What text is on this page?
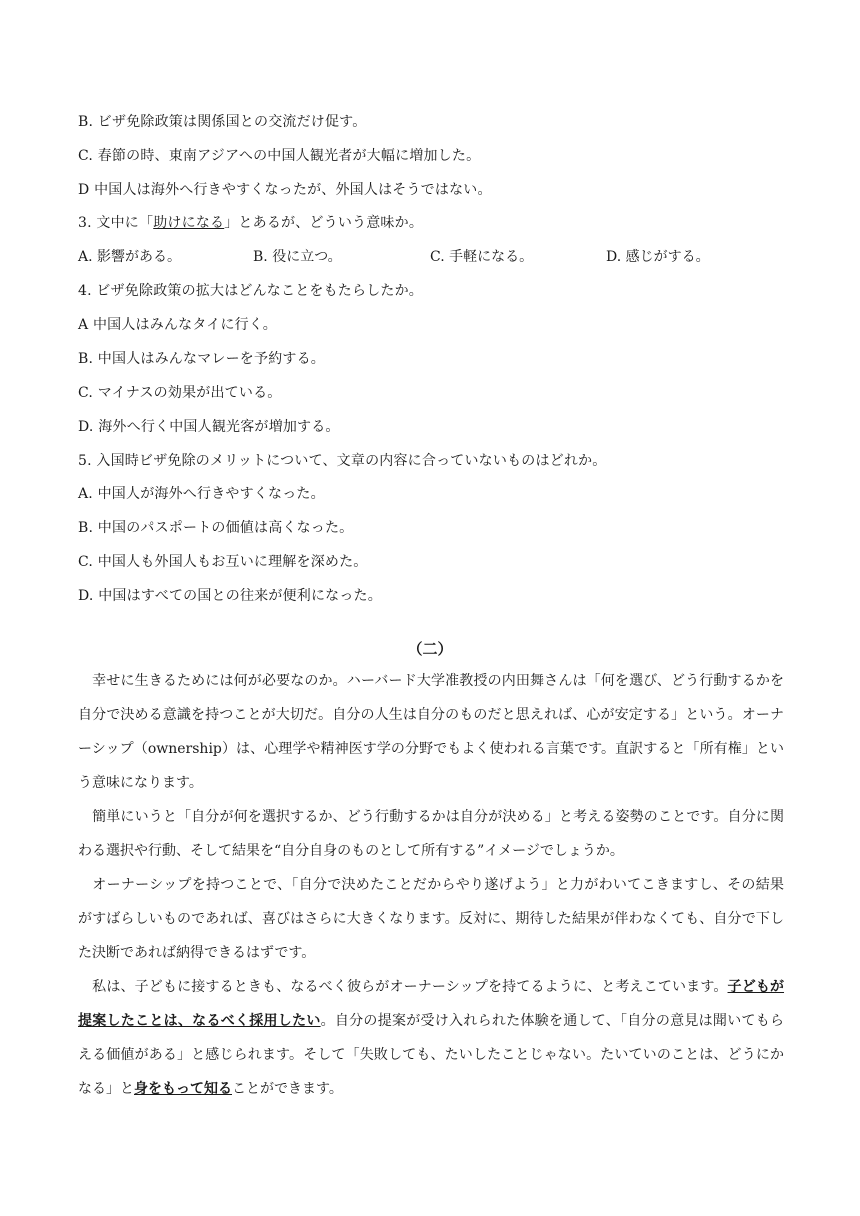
B. ビザ免除政策は関係国との交流だけ促す。
C. 春節の時、東南アジアへの中国人観光者が大幅に増加した。
D 中国人は海外へ行きやすくなったが、外国人はそうではない。
3. 文中に「助けになる」とあるが、どういう意味か。
A. 影響がある。	B. 役に立つ。	C. 手軽になる。	D. 感じがする。
4. ビザ免除政策の拡大はどんなことをもたらしたか。
A 中国人はみんなタイに行く。
B. 中国人はみんなマレーを予約する。
C. マイナスの効果が出ている。
D. 海外へ行く中国人観光客が増加する。
5. 入国時ビザ免除のメリットについて、文章の内容に合っていないものはどれか。
A. 中国人が海外へ行きやすくなった。
B. 中国のパスポートの価値は高くなった。
C. 中国人も外国人もお互いに理解を深めた。
D. 中国はすべての国との往来が便利になった。
（二）
幸せに生きるためには何が必要なのか。ハーバード大学准教授の内田舞さんは「何を選び、どう行動するかを自分で決める意識を持つことが大切だ。自分の人生は自分のものだと思えれば、心が安定する」という。オーナーシップ（ownership）は、心理学や精神医す学の分野でもよく使われる言葉です。直訳すると「所有権」という意味になります。
簡単にいうと「自分が何を選択するか、どう行動するかは自分が決める」と考える姿勢のことです。自分に関わる選択や行動、そして結果を“自分自身のものとして所有する”イメージでしょうか。
オーナーシップを持つことで、「自分で決めたことだからやり遂げよう」と力がわいてこきますし、その結果がすばらしいものであれば、喜びはさらに大きくなります。反対に、期待した結果が伴わなくても、自分で下した決断であれば納得できるはずです。
私は、子どもに接するときも、なるべく彼らがオーナーシップを持てるように、と考えこています。子どもが提案したことは、なるべく採用したい。自分の提案が受け入れられた体験を通して、「自分の意見は聞いてもらえる価値がある」と感じられます。そして「失敗しても、たいしたことじゃない。たいていのことは、どうにかなる」と身をもって知ることができます。
